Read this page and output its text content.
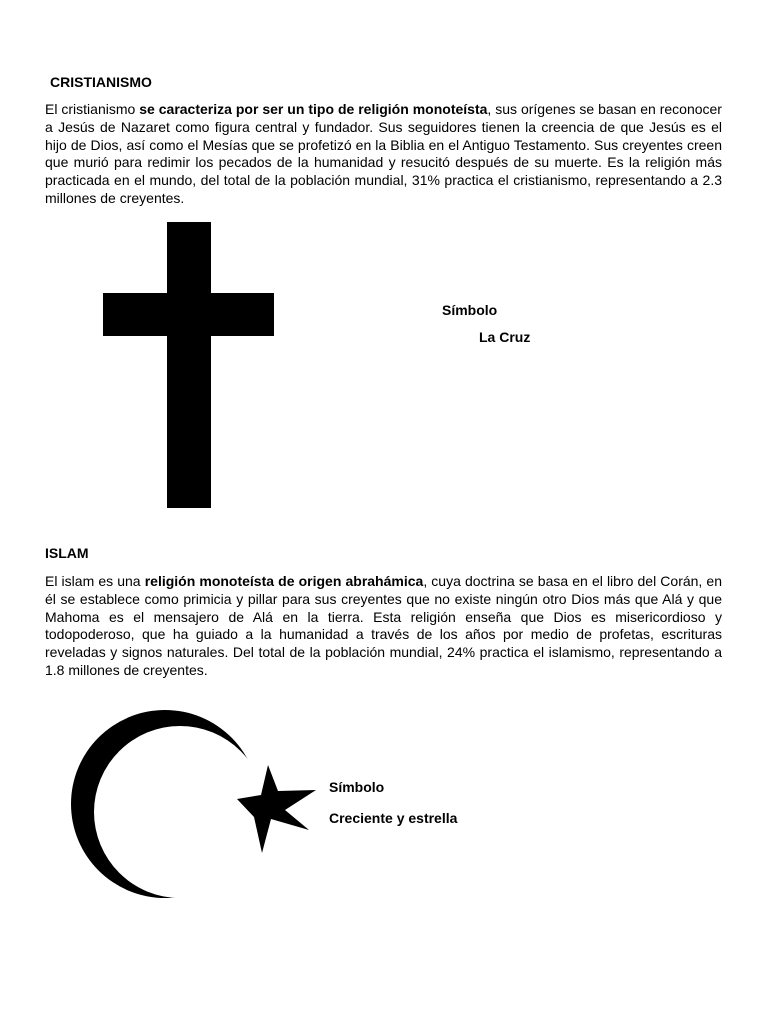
CRISTIANISMO

El cristianismo se caracteriza por ser un tipo de religión monoteísta, sus orígenes se basan en reconocer a Jesús de Nazaret como figura central y fundador. Sus seguidores tienen la creencia de que Jesús es el hijo de Dios, así como el Mesías que se profetizó en la Biblia en el Antiguo Testamento. Sus creyentes creen que murió para redimir los pecados de la humanidad y resucitó después de su muerte. Es la religión más practicada en el mundo, del total de la población mundial, 31% practica el cristianismo, representando a 2.3 millones de creyentes.

Símbolo

La Cruz

ISLAM

El islam es una religión monoteísta de origen abrahámica, cuya doctrina se basa en el libro del Corán, en él se establece como primicia y pillar para sus creyentes que no existe ningún otro Dios más que Alá y que Mahoma es el mensajero de Alá en la tierra. Esta religión enseña que Dios es misericordioso y todopoderoso, que ha guiado a la humanidad a través de los años por medio de profetas, escrituras reveladas y signos naturales. Del total de la población mundial, 24% practica el islamismo, representando a 1.8 millones de creyentes.

Símbolo

Creciente y estrella
